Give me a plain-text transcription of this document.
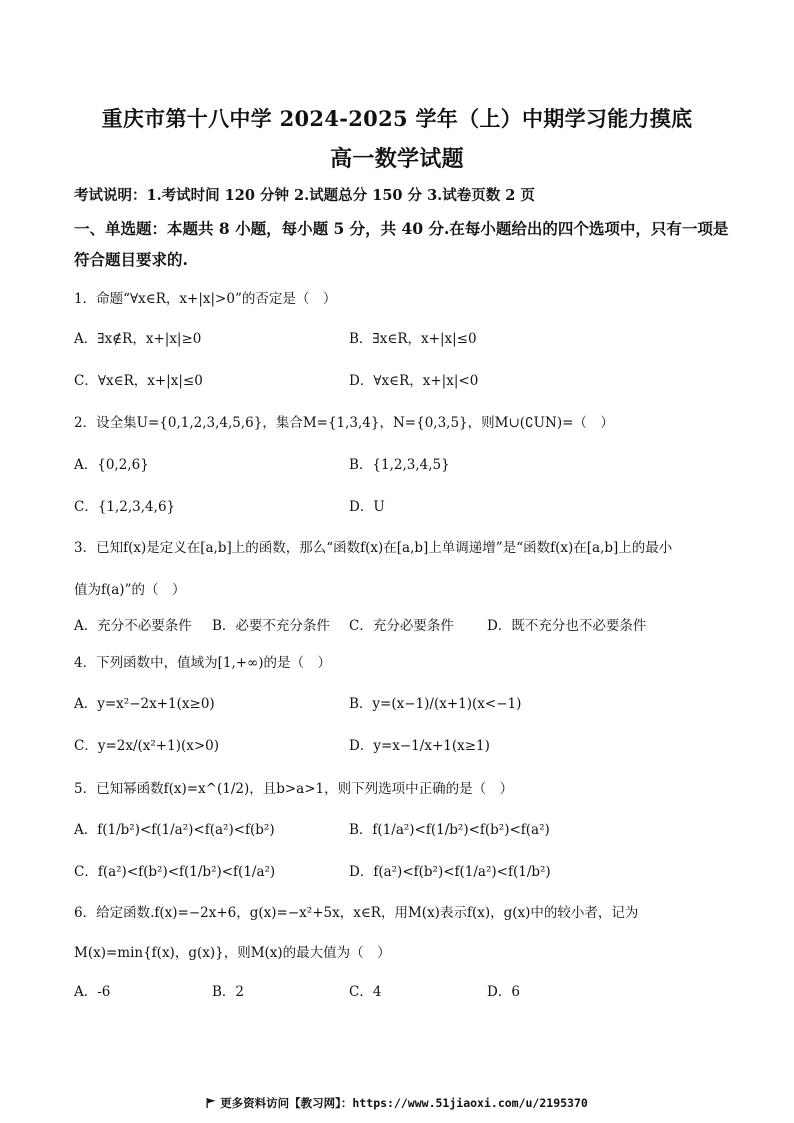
重庆市第十八中学 2024-2025 学年（上）中期学习能力摸底
高一数学试题
考试说明：1.考试时间 120 分钟 2.试题总分 150 分 3.试卷页数 2 页
一、单选题：本题共 8 小题，每小题 5 分，共 40 分.在每小题给出的四个选项中，只有一项是符合题目要求的.
1．命题“∀x∈R，x+|x|>0”的否定是（　）
A．∃x∉R，x+|x|≥0	B．∃x∈R，x+|x|≤0
C．∀x∈R，x+|x|≤0	D．∀x∈R，x+|x|<0
2．设全集U={0,1,2,3,4,5,6}，集合M={1,3,4}，N={0,3,5}，则M∪(∁UN)=（　）
A．{0,2,6}	B．{1,2,3,4,5}
C．{1,2,3,4,6}	D．U
3．已知f(x)是定义在[a,b]上的函数，那么“函数f(x)在[a,b]上单调递增”是“函数f(x)在[a,b]上的最小
值为f(a)”的（　）
A．充分不必要条件 B．必要不充分条件 C．充分必要条件 D．既不充分也不必要条件
4．下列函数中，值域为[1,+∞)的是（　）
A．y=x²−2x+1(x≥0)	B．y=(x−1)/(x+1)(x<−1)
C．y=2x/(x²+1)(x>0)	D．y=x−1/x+1(x≥1)
5．已知幂函数f(x)=x^(1/2)，且b>a>1，则下列选项中正确的是（　）
A．f(1/b²)<f(1/a²)<f(a²)<f(b²)	B．f(1/a²)<f(1/b²)<f(b²)<f(a²)
C．f(a²)<f(b²)<f(1/b²)<f(1/a²)	D．f(a²)<f(b²)<f(1/a²)<f(1/b²)
6．给定函数.f(x)=−2x+6，g(x)=−x²+5x，x∈R，用M(x)表示f(x)，g(x)中的较小者，记为
M(x)=min{f(x)，g(x)}，则M(x)的最大值为（　）
A．-6	B．2	C．4	D．6
更多资料访问【教习网】：https://www.51jiaoxi.com/u/2195370
